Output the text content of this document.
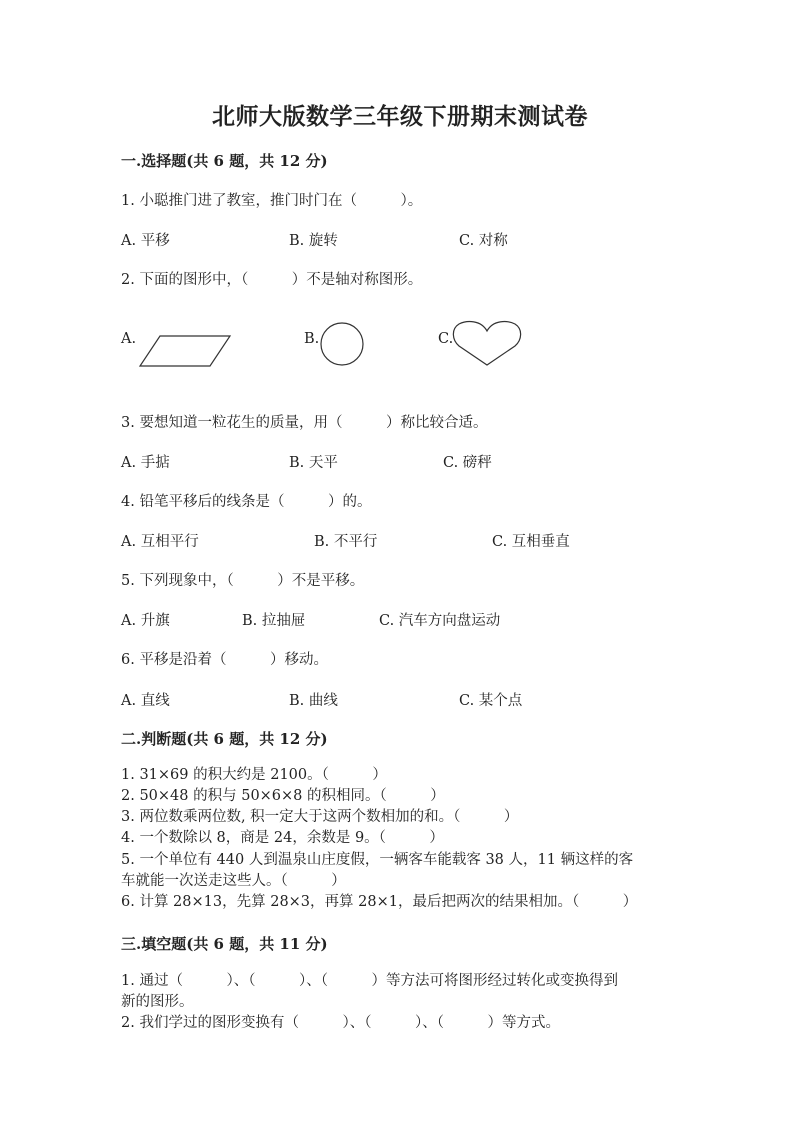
北师大版数学三年级下册期末测试卷
一.选择题(共 6 题，共 12 分)
1. 小聪推门进了教室，推门时门在（　　　）。
A. 平移	B. 旋转	C. 对称
2. 下面的图形中，（　　　）不是轴对称图形。
A.	B.	C.
3. 要想知道一粒花生的质量，用（　　　）称比较合适。
A. 手掂	B. 天平	C. 磅秤
4. 铅笔平移后的线条是（　　　）的。
A. 互相平行	B. 不平行	C. 互相垂直
5. 下列现象中，（　　　）不是平移。
A. 升旗	B. 拉抽屉	C. 汽车方向盘运动
6. 平移是沿着（　　　）移动。
A. 直线	B. 曲线	C. 某个点
二.判断题(共 6 题，共 12 分)
1. 31×69 的积大约是 2100。（　　　）
2. 50×48 的积与 50×6×8 的积相同。（　　　）
3. 两位数乘两位数, 积一定大于这两个数相加的和。（　　　）
4. 一个数除以 8，商是 24，余数是 9。（　　　）
5. 一个单位有 440 人到温泉山庄度假，一辆客车能载客 38 人，11 辆这样的客
车就能一次送走这些人。（　　　）
6. 计算 28×13，先算 28×3，再算 28×1，最后把两次的结果相加。（　　　）
三.填空题(共 6 题，共 11 分)
1. 通过（　　　）、（　　　）、（　　　）等方法可将图形经过转化或变换得到
新的图形。
2. 我们学过的图形变换有（　　　）、（　　　）、（　　　）等方式。
